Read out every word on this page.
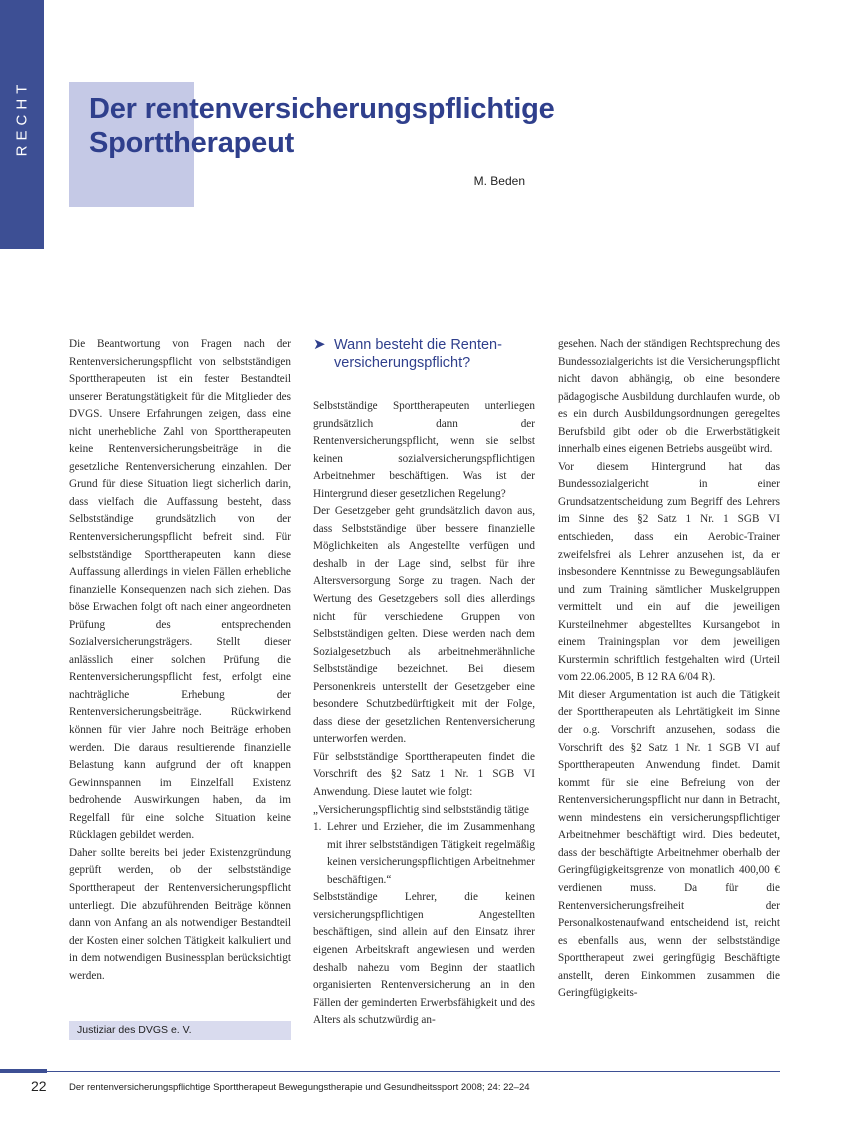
RECHT Der rentenversicherungspflichtige
Sporttherapeut
M. Beden

Die Beantwortung von Fragen nach der Rentenversicherungspflicht von selbstständigen Sporttherapeuten ist ein fester Bestandteil unserer Beratungstätigkeit für die Mitglieder des DVGS. Unsere Erfahrungen zeigen, dass eine nicht unerhebliche Zahl von Sporttherapeuten keine Rentenversicherungsbeiträge in die gesetzliche Rentenversicherung einzahlen. Der Grund für diese Situation liegt sicherlich darin, dass vielfach die Auffassung besteht, dass Selbstständige grundsätzlich von der Rentenversicherungspflicht befreit sind. Für selbstständige Sporttherapeuten kann diese Auffassung allerdings in vielen Fällen erhebliche finanzielle Konsequenzen nach sich ziehen. Das böse Erwachen folgt oft nach einer angeordneten Prüfung des entsprechenden Sozialversicherungsträgers. Stellt dieser anlässlich einer solchen Prüfung die Rentenversicherungspflicht fest, erfolgt eine nachträgliche Erhebung der Rentenversicherungsbeiträge. Rückwirkend können für vier Jahre noch Beiträge erhoben werden. Die daraus resultierende finanzielle Belastung kann aufgrund der oft knappen Gewinnspannen im Einzelfall Existenz bedrohende Auswirkungen haben, da im Regelfall für eine solche Situation keine Rücklagen gebildet werden.

Daher sollte bereits bei jeder Existenzgründung geprüft werden, ob der selbstständige Sporttherapeut der Rentenversicherungspflicht unterliegt. Die abzuführenden Beiträge können dann von Anfang an als notwendiger Bestandteil der Kosten einer solchen Tätigkeit kalkuliert und in dem notwendigen Businessplan berücksichtigt werden.

Justiziar des DVGS e. V.
➤ Wann besteht die Renten-
versicherungspflicht?

Selbstständige Sporttherapeuten unterliegen grundsätzlich dann der Rentenversicherungspflicht, wenn sie selbst keinen sozialversicherungspflichtigen Arbeitnehmer beschäftigen. Was ist der Hintergrund dieser gesetzlichen Regelung?

Der Gesetzgeber geht grundsätzlich davon aus, dass Selbstständige über bessere finanzielle Möglichkeiten als Angestellte verfügen und deshalb in der Lage sind, selbst für ihre Altersversorgung Sorge zu tragen. Nach der Wertung des Gesetzgebers soll dies allerdings nicht für verschiedene Gruppen von Selbstständigen gelten. Diese werden nach dem Sozialgesetzbuch als arbeitnehmerähnliche Selbstständige bezeichnet. Bei diesem Personenkreis unterstellt der Gesetzgeber eine besondere Schutzbedürftigkeit mit der Folge, dass diese der gesetzlichen Rentenversicherung unterworfen werden.

Für selbstständige Sporttherapeuten findet die Vorschrift des §2 Satz 1 Nr. 1 SGB VI Anwendung. Diese lautet wie folgt:

„Versicherungspflichtig sind selbstständig tätige

1. Lehrer und Erzieher, die im Zusammenhang mit ihrer selbstständigen Tätigkeit regelmäßig keinen versicherungspflichtigen Arbeitnehmer beschäftigen.“

Selbstständige Lehrer, die keinen versicherungspflichtigen Angestellten beschäftigen, sind allein auf den Einsatz ihrer eigenen Arbeitskraft angewiesen und werden deshalb nahezu vom Beginn der staatlich organisierten Rentenversicherung an in den Fällen der geminderten Erwerbsfähigkeit und des Alters als schutzwürdig an-

gesehen. Nach der ständigen Rechtsprechung des Bundessozialgerichts ist die Versicherungspflicht nicht davon abhängig, ob eine besondere pädagogische Ausbildung durchlaufen wurde, ob es ein durch Ausbildungsordnungen geregeltes Berufsbild gibt oder ob die Erwerbstätigkeit innerhalb eines eigenen Betriebs ausgeübt wird.

Vor diesem Hintergrund hat das Bundessozialgericht in einer Grundsatzentscheidung zum Begriff des Lehrers im Sinne des §2 Satz 1 Nr. 1 SGB VI entschieden, dass ein Aerobic-Trainer zweifelsfrei als Lehrer anzusehen ist, da er insbesondere Kenntnisse zu Bewegungsabläufen und zum Training sämtlicher Muskelgruppen vermittelt und ein auf die jeweiligen Kursteilnehmer abgestelltes Kursangebot in einem Trainingsplan vor dem jeweiligen Kurstermin schriftlich festgehalten wird (Urteil vom 22.06.2005, B 12 RA 6/04 R).

Mit dieser Argumentation ist auch die Tätigkeit der Sporttherapeuten als Lehrtätigkeit im Sinne der o.g. Vorschrift anzusehen, sodass die Vorschrift des §2 Satz 1 Nr. 1 SGB VI auf Sporttherapeuten Anwendung findet. Damit kommt für sie eine Befreiung von der Rentenversicherungspflicht nur dann in Betracht, wenn mindestens ein versicherungspflichtiger Arbeitnehmer beschäftigt wird. Dies bedeutet, dass der beschäftigte Arbeitnehmer oberhalb der Geringfügigkeitsgrenze von monatlich 400,00 € verdienen muss. Da für die Rentenversicherungsfreiheit der Personalkostenaufwand entscheidend ist, reicht es ebenfalls aus, wenn der selbstständige Sporttherapeut zwei geringfügig Beschäftigte anstellt, deren Einkommen zusammen die Geringfügigkeits-

22 Der rentenversicherungspflichtige Sporttherapeut Bewegungstherapie und Gesundheitssport 2008; 24: 22–24
